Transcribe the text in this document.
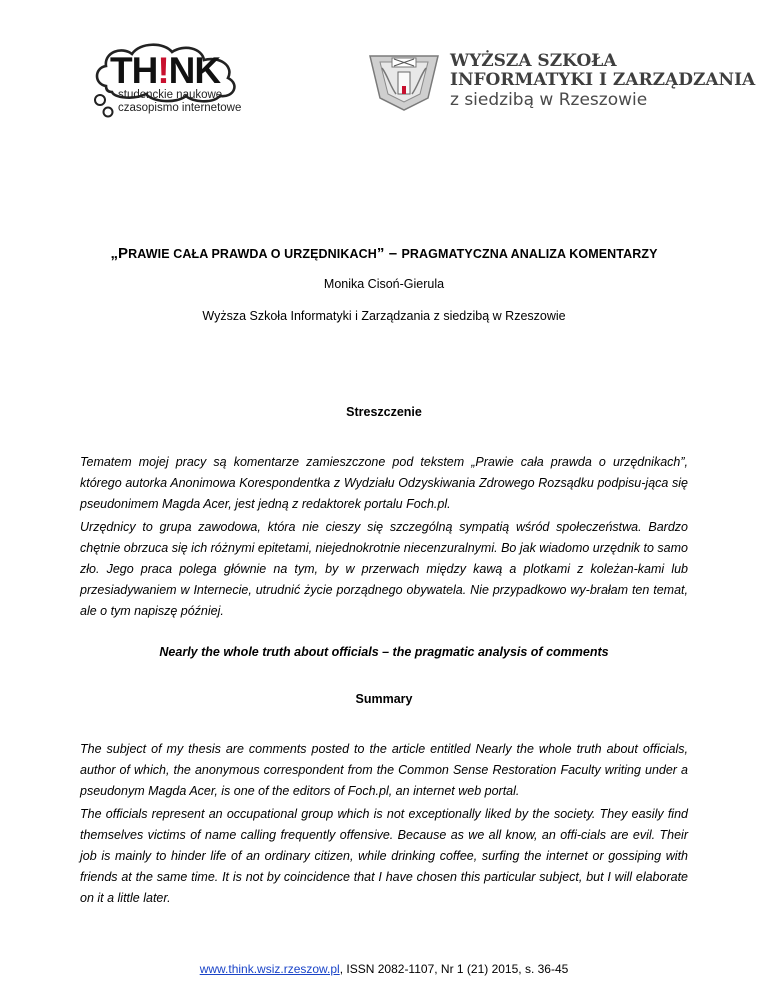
TH!NK
studenckie naukowe
czasopismo internetowe
WYŻSZA SZKOŁA
INFORMATYKI I ZARZĄDZANIA
z siedzibą w Rzeszowie
„PRAWIE CAŁA PRAWDA O URZĘDNIKACH” – PRAGMATYCZNA ANALIZA KOMENTARZY
Monika Cisoń-Gierula
Wyższa Szkoła Informatyki i Zarządzania z siedzibą w Rzeszowie
Streszczenie

Tematem mojej pracy są komentarze zamieszczone pod tekstem „Prawie cała prawda o urzędnikach”, którego autorka Anonimowa Korespondentka z Wydziału Odzyskiwania Zdrowego Rozsądku podpisu-jąca się pseudonimem Magda Acer, jest jedną z redaktorek portalu Foch.pl.

Urzędnicy to grupa zawodowa, która nie cieszy się szczególną sympatią wśród społeczeństwa. Bardzo chętnie obrzuca się ich różnymi epitetami, niejednokrotnie niecenzuralnymi. Bo jak wiadomo urzędnik to samo zło. Jego praca polega głównie na tym, by w przerwach między kawą a plotkami z koleżan-kami lub przesiadywaniem w Internecie, utrudnić życie porządnego obywatela. Nie przypadkowo wy-brałam ten temat, ale o tym napiszę później.

Nearly the whole truth about officials – the pragmatic analysis of comments
Summary

The subject of my thesis are comments posted to the article entitled Nearly the whole truth about officials, author of which, the anonymous correspondent from the Common Sense Restoration Faculty writing under a pseudonym Magda Acer, is one of the editors of Foch.pl, an internet web portal.

The officials represent an occupational group which is not exceptionally liked by the society. They easily find themselves victims of name calling frequently offensive. Because as we all know, an offi-cials are evil. Their job is mainly to hinder life of an ordinary citizen, while drinking coffee, surfing the internet or gossiping with friends at the same time. It is not by coincidence that I have chosen this particular subject, but I will elaborate on it a little later.

www.think.wsiz.rzeszow.pl, ISSN 2082-1107, Nr 1 (21) 2015, s. 36-45
